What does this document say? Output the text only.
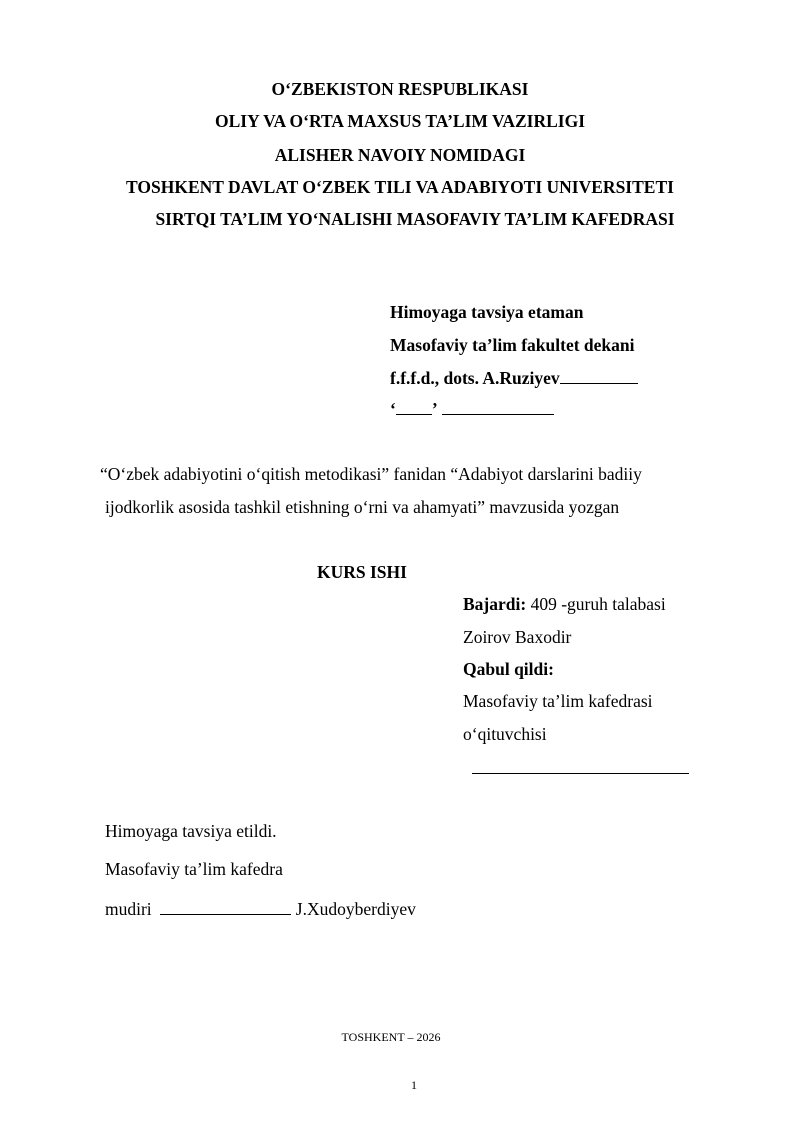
O‘ZBEKISTON RESPUBLIKASI
OLIY VA O‘RTA MAXSUS TA’LIM VAZIRLIGI
ALISHER NAVOIY NOMIDAGI
TOSHKENT DAVLAT O‘ZBEK TILI VA ADABIYOTI UNIVERSITETI
SIRTQI TA’LIM YO‘NALISHI MASOFAVIY TA’LIM KAFEDRASI
Himoyaga tavsiya etaman
Masofaviy ta’lim fakultet dekani
f.f.f.d., dots. A.Ruziyev
‘ ’
“O‘zbek adabiyotini o‘qitish metodikasi” fanidan “Adabiyot darslarini badiiy
ijodkorlik asosida tashkil etishning o‘rni va ahamyati” mavzusida yozgan
KURS ISHI
Bajardi: 409 -guruh talabasi
Zoirov Baxodir
Qabul qildi:
Masofaviy ta’lim kafedrasi
o‘qituvchisi
Himoyaga tavsiya etildi.
Masofaviy ta’lim kafedra
mudiri	J.Xudoyberdiyev
TOSHKENT – 2026
1
